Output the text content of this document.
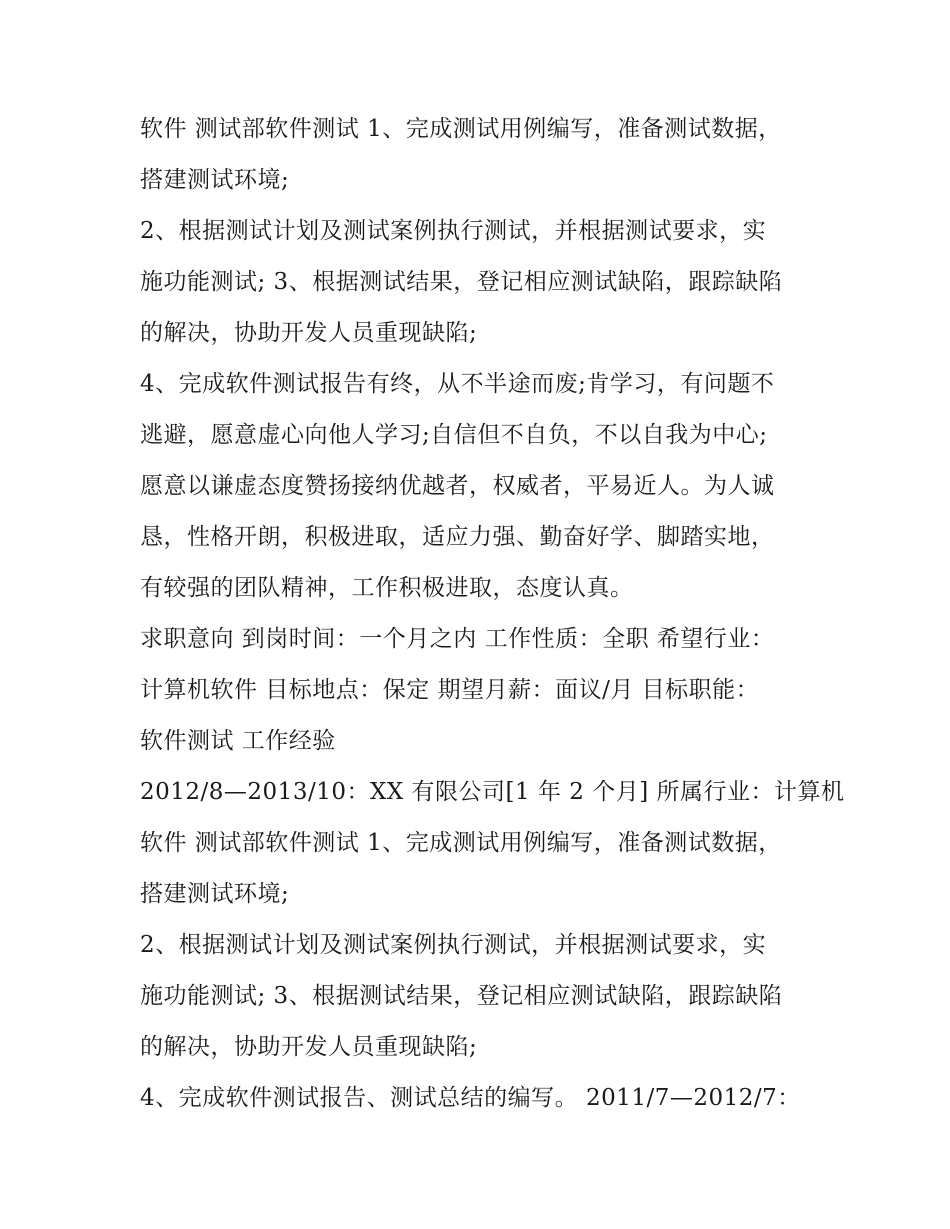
软件 测试部软件测试 1、完成测试用例编写，准备测试数据，
搭建测试环境;
2、根据测试计划及测试案例执行测试，并根据测试要求，实
施功能测试; 3、根据测试结果，登记相应测试缺陷，跟踪缺陷
的解决，协助开发人员重现缺陷;
4、完成软件测试报告有终，从不半途而废;肯学习，有问题不
逃避，愿意虚心向他人学习;自信但不自负，不以自我为中心;
愿意以谦虚态度赞扬接纳优越者，权威者，平易近人。为人诚
恳，性格开朗，积极进取，适应力强、勤奋好学、脚踏实地，
有较强的团队精神，工作积极进取，态度认真。
求职意向 到岗时间：一个月之内 工作性质：全职 希望行业：
计算机软件 目标地点：保定 期望月薪：面议/月 目标职能：
软件测试 工作经验
2012/8—2013/10：XX 有限公司[1 年 2 个月] 所属行业：计算机
软件 测试部软件测试 1、完成测试用例编写，准备测试数据，
搭建测试环境;
2、根据测试计划及测试案例执行测试，并根据测试要求，实
施功能测试; 3、根据测试结果，登记相应测试缺陷，跟踪缺陷
的解决，协助开发人员重现缺陷;
4、完成软件测试报告、测试总结的编写。 2011/7—2012/7：
